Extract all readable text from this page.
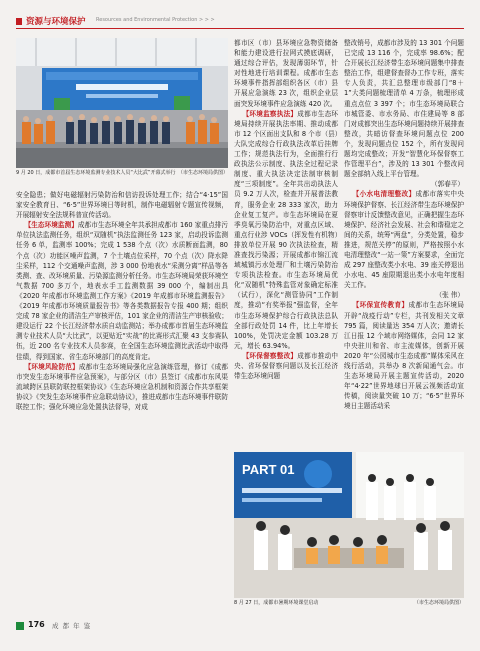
资源与环境保护 Resources and Environmental Protection > > >
9 月 20 日，成都市首届生态环境监测专业技术人员“大比武”开幕式举行 （市生态环境局供图）

安全隐患；做好电磁辐射污染防治和信访投诉处理工作；结合“4·15”国家安全教育日、“6·5”世界环境日等时机，制作电磁辐射专题宣传视频，开展辐射安全法规科普宣传活动。

【生态环境监测】成都市生态环境全年共承担成都市 160 家重点排污单位执法监测任务，组织“双随机”执法监测任务 123 家，启动投诉监测任务 6 单，监测率 100%；完成 1 538 个点（次）水质断面监测，80 个点（次）功能区噪声监测，7 个土壤点位采样，70 个点（次）降水降尘采样，112 个交通噪声监测，涉 3 000 份地表水“采测分离”样品等各类测、查、改环境质量、污染源监测分析任务。市生态环境局荣获环境空气数据 700 多万个，地表水手工监测数据 39 000 个，编制出具《2020 年成都市环境监测工作方案》《2019 年成都市环境监测报告》《2019 年成都市环境质量报告书》等各类数据报告专报 400 期；组织完成 78 家企业的清洁生产审核评估，101 家企业的清洁生产审核验收；建设运行 22 个长江经济带水质自动监测站；举办成都市首届生态环境监测专业技术人员“大比武”，以更贴近“实战”的比赛形式汇聚 43 支参赛队伍，近 200 名专业技术人员参赛，在全国生态环境监测比武活动中取得佳绩，得到国家、省生态环境部门的高度肯定。

【环境风险防范】成都市生态环境局强化应急演练管理，修订《成都市突发生态环境事件应急预案》，与部分区（市）县签订《成都市东风渠流域跨区县联防联控框架协议》《生态环境应急机制和资源合作共享框架协议》《突发生态环境事件应急联动协议》，推进成都市生态环境事件联防联控工作；强化环境应急处置执法督导，对成

都市区（市）县环境应急物资储备和能力建设进行拉网式摸底调研，通过综合评估，发现薄弱环节，针对性地进行培训课程。成都市生态环境事件指挥部组织各区（市）县开展应急演练 23 次，组织企业层面突发环境事件应急演练 420 次。

【环境监察执法】成都市生态环境局持续开展执法率期、推动成都市 12 个区面出支队和 8 个市（县）大队完成综合行政执法改革后挂牌工作；规范执法行为，全面推行行政执法公示制度、执法全过程记录制度、重大执法决定法制审核制度“三项制度”。全年共出动执法人员 9.2 万人次，检查并开展普法教育，服务企业 28 333 家次，助力企业复工复产。市生态环境局在夏季臭氧污染防治中，对重点区域、重点行业涉 VOCs（挥发性有机物）排放单位开展 90 次执法检查，精准查找污染源；开展成都市锦江流域城镇污水处理厂和土壤污染防治专项执法检查。市生态环境局优化“双随机”特殊监管对象确定标准（试行），深化“测管协同”工作制度，推动“有奖举报”强监督，全年市生态环境保护综合行政执法总队全部行政处罚 14 件，比上年增长 100%，处罚决定金额 103.28 万元，增长 63.94%。

【环保督察整改】成都市推动中央、省环保督察问题以及长江经济带生态环境问题

整改销号，成都市涉及的 13 301 个问题已完成 13 116 个，完成率 98.6%；配合开展长江经济带生态环境问题集中排查整治工作，组建督查督办工作专班，落实专人负责，共汇总整理市级部门“8＋1”大类问题梳理清单 4 万条，梳理形成重点点位 3 397 个；市生态环境局联合市城管委、市水务局、市住建局等 8 部门对成都突出生态环境问题持续开展排查整改，共暗访督查环境问题点位 200 个，发现问题点位 152 个，所有发现问题均完成整改；开发“智慧化环保督察工作管理平台”，涉及的 13 301 个整改问题全部纳入线上平台管理。

（郭春平）

【小水电清理整改】成都市落实中央环境保护督察、长江经济带生态环境保护督察审计反馈整改意见，正确把握生态环境保护、经济社会发展、社会和谐稳定之间的关系，统筹“两盘”，分类处置，稳步推进，规范关停”的原则，严格按照小水电清理整改“一站一策”方案要求，全面完成 297 座整改类小水电、39 座关停退出小水电、45 座限期退出类小水电年度相关工作。

（张 伟）

【环保宣传教育】成都市生态环境局开辟“战疫行动”专栏，共刊发相关文章 795 篇，阅读量达 354 万人次；邀请长江日报 12 个域市网络媒体，会同 12 家中央驻川和省、市主流媒体，创新开展 2020 年“公园城市生态成都”媒体采风在线行活动，共举办 8 次新闻通气会。市生态环境局开展主题宣传活动，2020 年“4·22”世界地球日开展云视频活动宣传稿，阅读量突破 10 万；“6·5”世界环境日主题活动采

PART 01
8 月 27 日，成都市暑期环境课堂启动	（市生态环境局供图）
176 成 都 年 鉴
